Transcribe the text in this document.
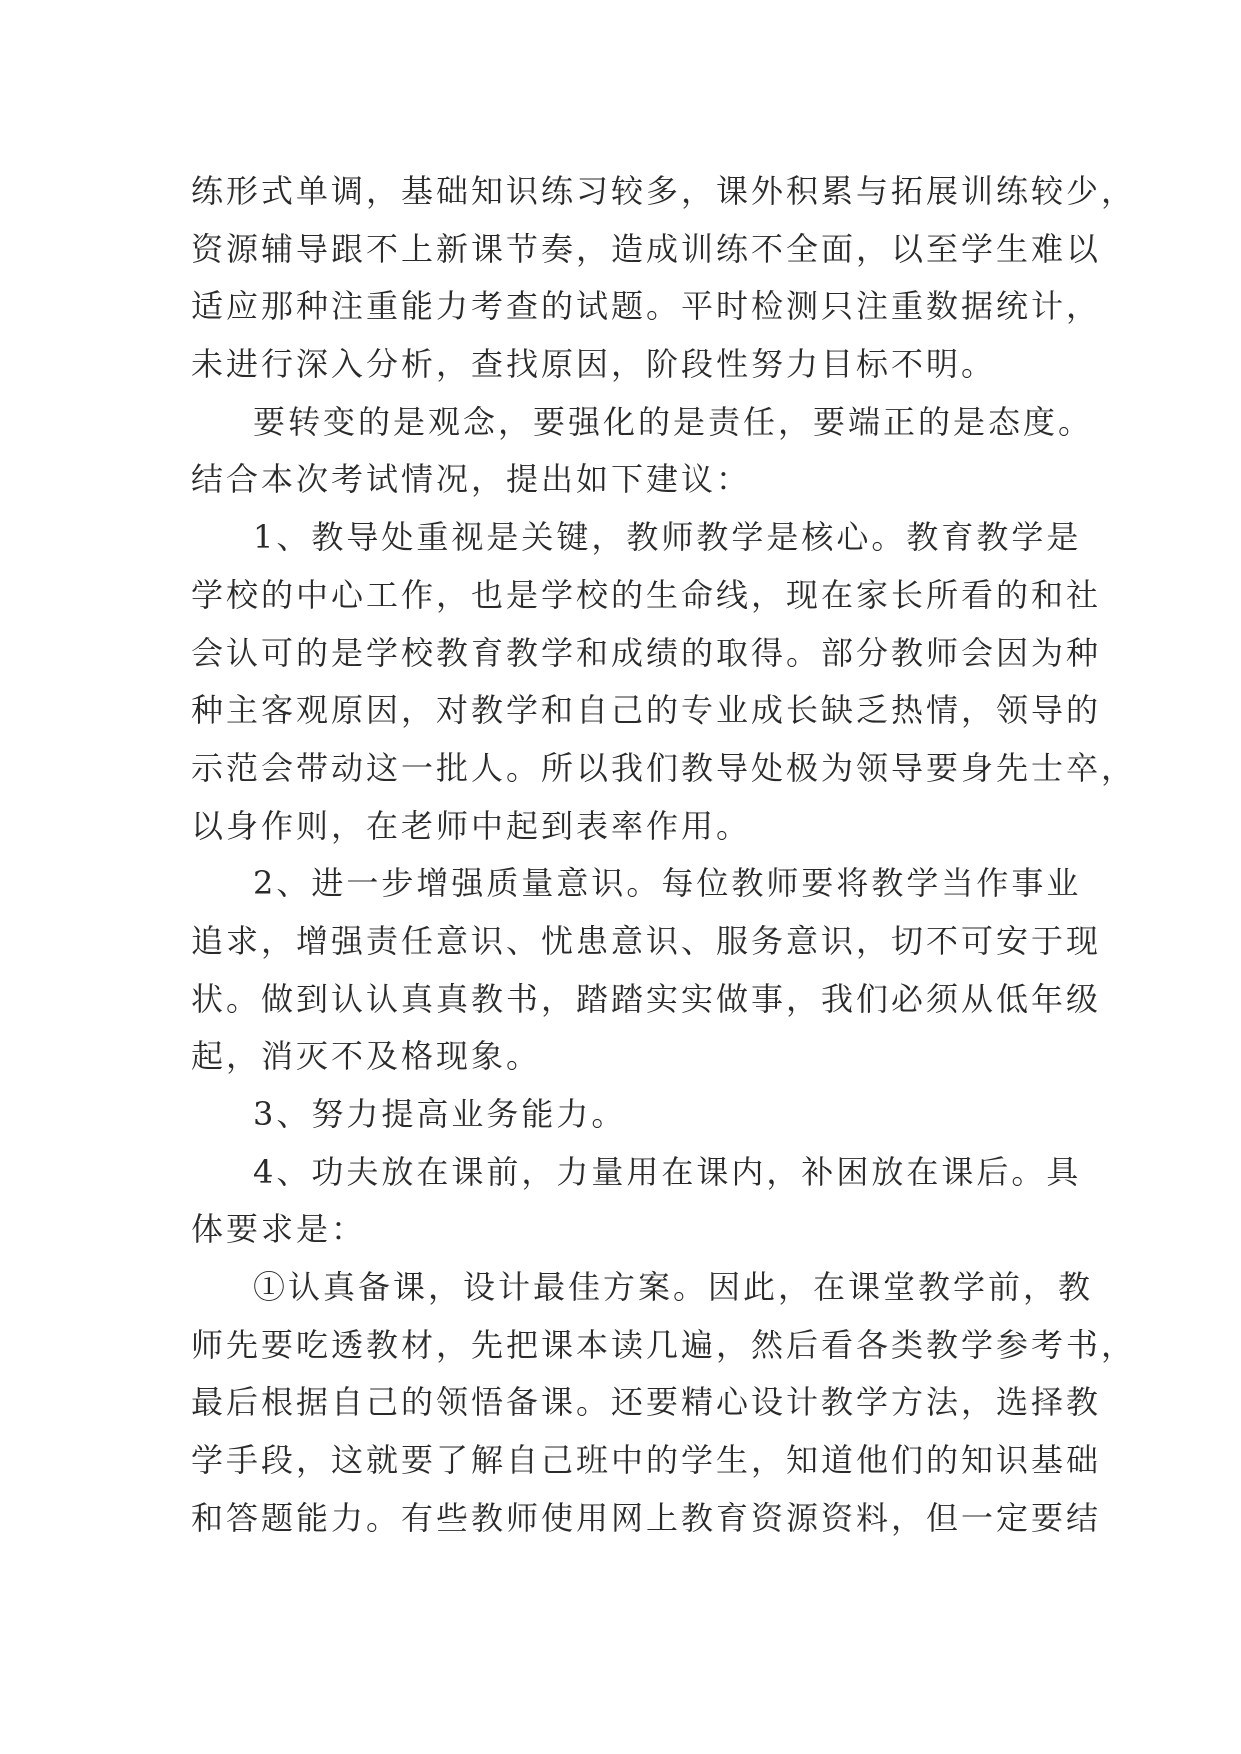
练形式单调，基础知识练习较多，课外积累与拓展训练较少，
资源辅导跟不上新课节奏，造成训练不全面，以至学生难以
适应那种注重能力考查的试题。平时检测只注重数据统计，
未进行深入分析，查找原因，阶段性努力目标不明。
要转变的是观念，要强化的是责任，要端正的是态度。
结合本次考试情况，提出如下建议：
1、教导处重视是关键，教师教学是核心。教育教学是
学校的中心工作，也是学校的生命线，现在家长所看的和社
会认可的是学校教育教学和成绩的取得。部分教师会因为种
种主客观原因，对教学和自己的专业成长缺乏热情，领导的
示范会带动这一批人。所以我们教导处极为领导要身先士卒，
以身作则，在老师中起到表率作用。
2、进一步增强质量意识。每位教师要将教学当作事业
追求，增强责任意识、忧患意识、服务意识，切不可安于现
状。做到认认真真教书，踏踏实实做事，我们必须从低年级
起，消灭不及格现象。
3、努力提高业务能力。
4、功夫放在课前，力量用在课内，补困放在课后。具
体要求是：
①认真备课，设计最佳方案。因此，在课堂教学前，教
师先要吃透教材，先把课本读几遍，然后看各类教学参考书，
最后根据自己的领悟备课。还要精心设计教学方法，选择教
学手段，这就要了解自己班中的学生，知道他们的知识基础
和答题能力。有些教师使用网上教育资源资料，但一定要结
